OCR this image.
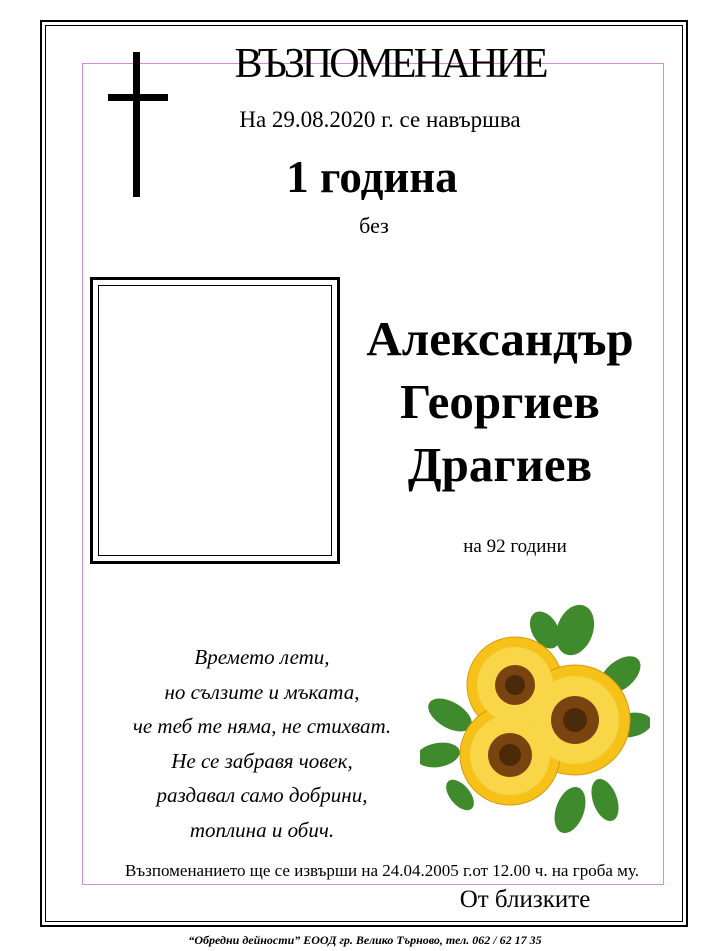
ВЪЗПОМЕНАНИЕ
На 29.08.2020 г. се навършва
1 година
без
Александър
Георгиев
Драгиев
на 92 години
Времето лети,
но сълзите и мъката,
че теб те няма, не стихват.
Не се забравя човек,
раздавал само добрини,
топлина и обич.
Възпоменанието ще се извърши на 24.04.2005 г.от 12.00 ч. на гроба му.
От близките
“Обредни дейности” ЕООД гр. Велико Търново, тел. 062 / 62 17 35
